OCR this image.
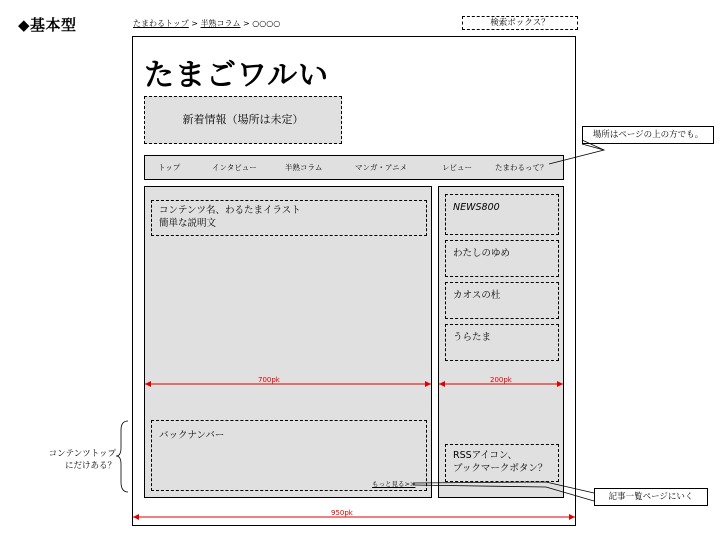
◆基本型	たまわるトップ > 半熟コラム > ○○○○	検索ボックス？
たまごワルい
新着情報（場所は未定）
トップ	インタビュー	半熟コラム	マンガ・アニメ	レビュー	たまわるって？
コンテンツ名、わるたまイラスト
簡単な説明文
バックナンバー
もっと見る>>
NEWS800
わたしのゆめ
カオスの杜
うらたま
RSSアイコン、
ブックマークボタン？
場所はページの上の方でも。
記事一覧ページにいく
コンテンツトップ
にだけある？
700pk	200pk
950pk
